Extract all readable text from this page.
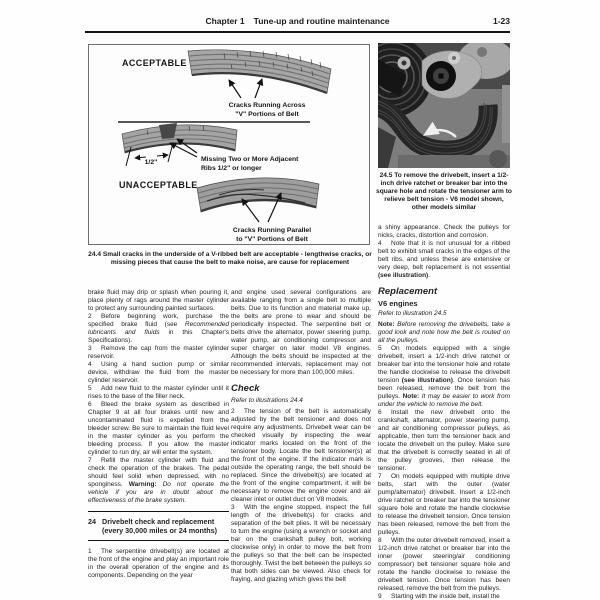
Chapter 1 Tune-up and routine maintenance	1-23
ACCEPTABLE
Cracks Running Across
"V" Portions of Belt
1/2"	Missing Two or More Adjacent
Ribs 1/2" or longer
UNACCEPTABLE
Cracks Running Parallel
to "V" Portions of Belt
24.4 Small cracks in the underside of a V-ribbed belt are acceptable - lengthwise cracks, or missing pieces that cause the belt to make noise, are cause for replacement
24.5 To remove the drivebelt, insert a 1/2-inch drive ratchet or breaker bar into the square hole and rotate the tensioner arm to relieve belt tension - V6 model shown, other models similar

brake fluid may drip or splash when pouring it, place plenty of rags around the master cylinder to protect any surrounding painted surfaces.

2 Before beginning work, purchase the specified brake fluid (see Recommended lubricants and fluids in this Chapter's Specifications).

3 Remove the cap from the master cylinder reservoir.

4 Using a hand suction pump or similar device, withdraw the fluid from the master cylinder reservoir.

5 Add new fluid to the master cylinder until it rises to the base of the filler neck.

6 Bleed the brake system as described in Chapter 9 at all four brakes until new and uncontaminated fluid is expelled from the bleeder screw. Be sure to maintain the fluid level in the master cylinder as you perform the bleeding process. If you allow the master cylinder to run dry, air will enter the system.

7 Refill the master cylinder with fluid and check the operation of the brakes. The pedal should feel solid when depressed, with no sponginess. Warning: Do not operate the vehicle if you are in doubt about the effectiveness of the brake system.

24 Drivebelt check and replacement
(every 30,000 miles or 24 months)

1 The serpentine drivebelt(s) are located at the front of the engine and play an important role in the overall operation of the engine and its components. Depending on the year

and engine used several configurations are available ranging from a single belt to multiple belts. Due to its function and material make up, the belts are prone to wear and should be periodically inspected. The serpentine belt or belts drive the alternator, power steering pump, water pump, air conditioning compressor and super charger on later model V8 engines. Although the belts should be inspected at the recommended intervals, replacement may not be necessary for more than 100,000 miles.

Check
Refer to illustrations 24.4

2 The tension of the belt is automatically adjusted by the belt tensioner and does not require any adjustments. Drivebelt wear can be checked visually by inspecting the wear indicator marks located on the front of the tensioner body. Locate the belt tensioner(s) at the front of the engine. If the indicator mark is outside the operating range, the belt should be replaced. Since the drivebelt(s) are located at the front of the engine compartment, it will be necessary to remove the engine cover and air cleaner inlet or outlet duct on V8 models.

3 With the engine stopped, inspect the full length of the drivebelt(s) for cracks and separation of the belt plies. It will be necessary to turn the engine (using a wrench or socket and bar on the crankshaft pulley bolt, working clockwise only) in order to move the belt from the pulleys so that the belt can be inspected thoroughly. Twist the belt between the pulleys so that both sides can be viewed. Also check for fraying, and glazing which gives the belt

a shiny appearance. Check the pulleys for nicks, cracks, distortion and corrosion.

4 Note that it is not unusual for a ribbed belt to exhibit small cracks in the edges of the belt ribs, and unless these are extensive or very deep, belt replacement is not essential (see illustration).

Replacement
V6 engines
Refer to illustration 24.5

Note: Before removing the drivebelts, take a good look and note how the belt is routed on all the pulleys.

5 On models equipped with a single drivebelt, insert a 1/2-inch drive ratchet or breaker bar into the tensioner hole and rotate the handle clockwise to release the drivebelt tension (see illustration). Once tension has been released, remove the belt from the pulleys. Note: It may be easier to work from under the vehicle to remove the belt.

6 Install the new drivebelt onto the crankshaft, alternator, power steering pump, and air conditioning compressor pulleys, as applicable, then turn the tensioner back and locate the drivebelt on the pulley. Make sure that the drivebelt is correctly seated in all of the pulley grooves, then release the tensioner.

7 On models equipped with multiple drive belts, start with the outer (water pump/alternator) drivebelt. Insert a 1/2-inch drive ratchet or breaker bar into the tensioner square hole and rotate the handle clockwise to release the drivebelt tension. Once tension has been released, remove the belt from the pulleys.

8 With the outer drivebelt removed, insert a 1/2-inch drive ratchet or breaker bar into the inner (power steering/air conditioning compressor) belt tensioner square hole and rotate the handle clockwise to release the drivebelt tension. Once tension has been released, remove the belt from the pulleys.

9 Starting with the inside belt, install the
